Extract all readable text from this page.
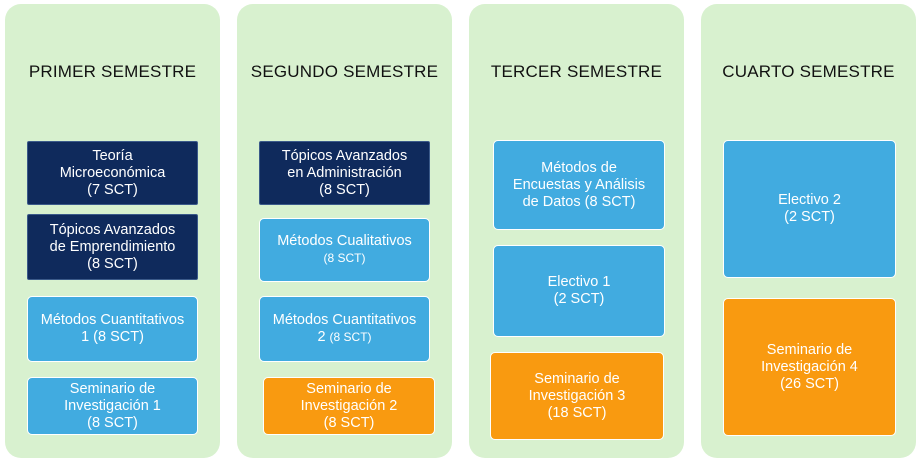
PRIMER SEMESTRE
Teoría
Microeconómica
(7 SCT)
Tópicos Avanzados
de Emprendimiento
(8 SCT)
Métodos Cuantitativos
1 (8 SCT)
Seminario de
Investigación 1
(8 SCT)
SEGUNDO SEMESTRE
Tópicos Avanzados
en Administración
(8 SCT)
Métodos Cualitativos
(8 SCT)
Métodos Cuantitativos
2 (8 SCT)
Seminario de
Investigación 2
(8 SCT)
TERCER SEMESTRE
Métodos de
Encuestas y Análisis
de Datos (8 SCT)
Electivo 1
(2 SCT)
Seminario de
Investigación 3
(18 SCT)
CUARTO SEMESTRE
Electivo 2
(2 SCT)
Seminario de
Investigación 4
(26 SCT)
